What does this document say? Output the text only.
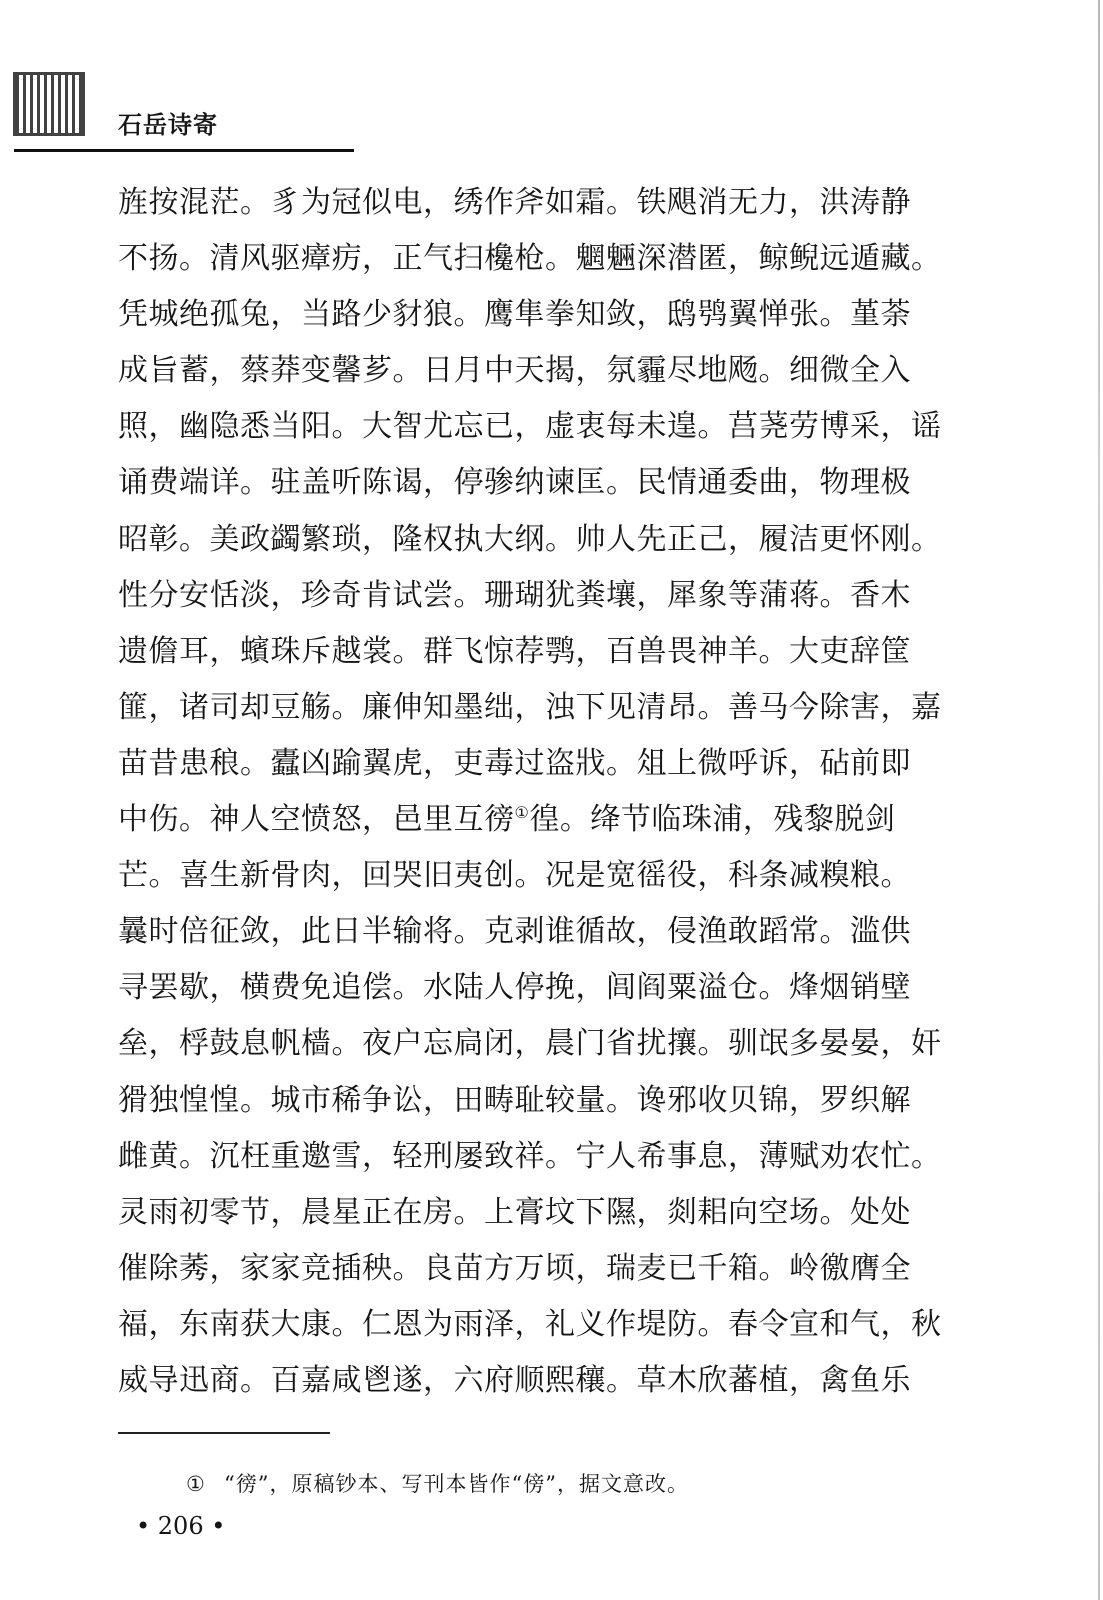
石岳诗寄
旌按混茫。豸为冠似电，绣作斧如霜。铁飓消无力，洪涛静
不扬。清风驱瘴疠，正气扫欃枪。魍魎深潜匿，鲸鲵远遁藏。
凭城绝孤兔，当路少豺狼。鹰隼拳知敛，鸱鸮翼惮张。堇荼
成旨蓄，蔡莽变馨芗。日月中天揭，氛霾尽地飏。细微全入
照，幽隐悉当阳。大智尤忘已，虚衷每未遑。莒荛劳博采，谣
诵费端详。驻盖听陈谒，停骖纳谏匡。民情通委曲，物理极
昭彰。美政蠲繁琐，隆权执大纲。帅人先正己，履洁更怀刚。
性分安恬淡，珍奇肯试尝。珊瑚犹粪壤，犀象等蒲蒋。香木
遗儋耳，蠙珠斥越裳。群飞惊荐鹗，百兽畏神羊。大吏辞筐
篚，诸司却豆觞。廉伸知墨绌，浊下见清昂。善马今除害，嘉
苗昔患稂。蠹凶踰翼虎，吏毒过盗戕。俎上微呼诉，砧前即
中伤。神人空愤怒，邑里互徬①徨。绛节临珠浦，残黎脱剑
芒。喜生新骨肉，回哭旧夷创。况是宽徭役，科条减糗粮。
曩时倍征敛，此日半输将。克剥谁循故，侵渔敢蹈常。滥供
寻罢歇，横费免追偿。水陆人停挽，闾阎粟溢仓。烽烟销壁
垒，桴鼓息帆樯。夜户忘扃闭，晨门省扰攘。驯氓多晏晏，奸
猾独惶惶。城市稀争讼，田畴耻较量。谗邪收贝锦，罗织解
雌黄。沉枉重邀雪，轻刑屡致祥。宁人希事息，薄赋劝农忙。
灵雨初零节，晨星正在房。上膏坟下隰，剡耜向空场。处处
催除莠，家家竞插秧。良苗方万顷，瑞麦已千箱。岭徼膺全
福，东南获大康。仁恩为雨泽，礼义作堤防。春令宣和气，秋
威导迅商。百嘉咸鬯遂，六府顺熙穰。草木欣蕃植，禽鱼乐
① “徬”，原稿钞本、写刊本皆作“傍”，据文意改。
• 206 •
